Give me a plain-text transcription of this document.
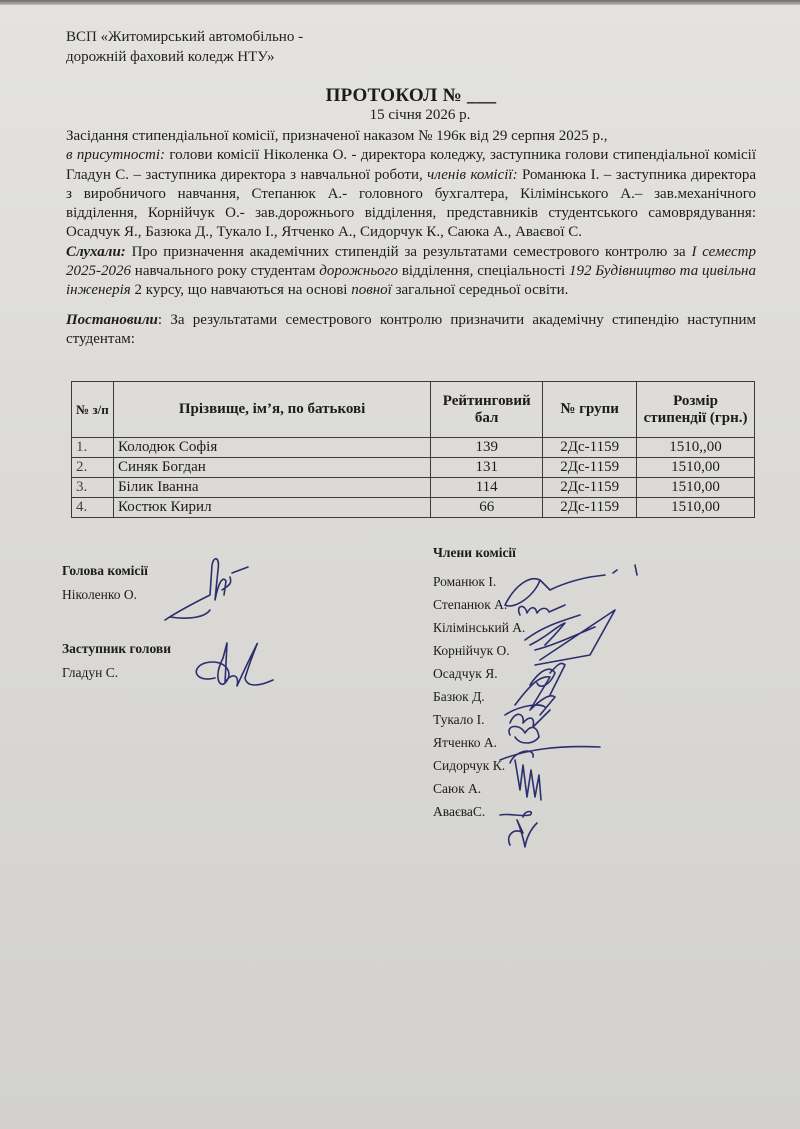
ВСП «Житомирський автомобільно -
дорожній фаховий коледж НТУ»
ПРОТОКОЛ № ___
15 січня 2026 р.

Засідання стипендіальної комісії, призначеної наказом № 196к від 29 серпня 2025 р.,

в присутності: голови комісії Ніколенка О. - директора коледжу, заступника голови стипендіальної комісії Гладун С. – заступника директора з навчальної роботи, членів комісії: Романюка І. – заступника директора з виробничого навчання, Степанюк А.- головного бухгалтера, Кілімінського А.– зав.механічного відділення, Корнійчук О.- зав.дорожнього відділення, представників студентського самоврядування: Осадчук Я., Базюка Д., Тукало І., Ятченко А., Сидорчук К., Саюка А., Аваєвої С.

Слухали: Про призначення академічних стипендій за результатами семестрового контролю за І семестр 2025-2026 навчального року студентам дорожнього відділення, спеціальності 192 Будівництво та цивільна інженерія 2 курсу, що навчаються на основі повної загальної середньої освіти.

Постановили: За результатами семестрового контролю призначити академічну стипендію наступним студентам:

№ з/п	Прізвище, ім’я, по батькові	Рейтинговий бал	№ групи	Розмір стипендії (грн.)
1.	Колодюк Софія	139	2Дс-1159	1510,,00
2.	Синяк Богдан	131	2Дс-1159	1510,00
3.	Білик Іванна	114	2Дс-1159	1510,00
4.	Костюк Кирил	66	2Дс-1159	1510,00
Голова комісії
Ніколенко О.
Заступник голови
Гладун С.
Члени комісії
Романюк І.
Степанюк А.
Кілімінський А.
Корнійчук О.
Осадчук Я.
Базюк Д.
Тукало І.
Ятченко А.
Сидорчук К.
Саюк А.
АваєваС.
